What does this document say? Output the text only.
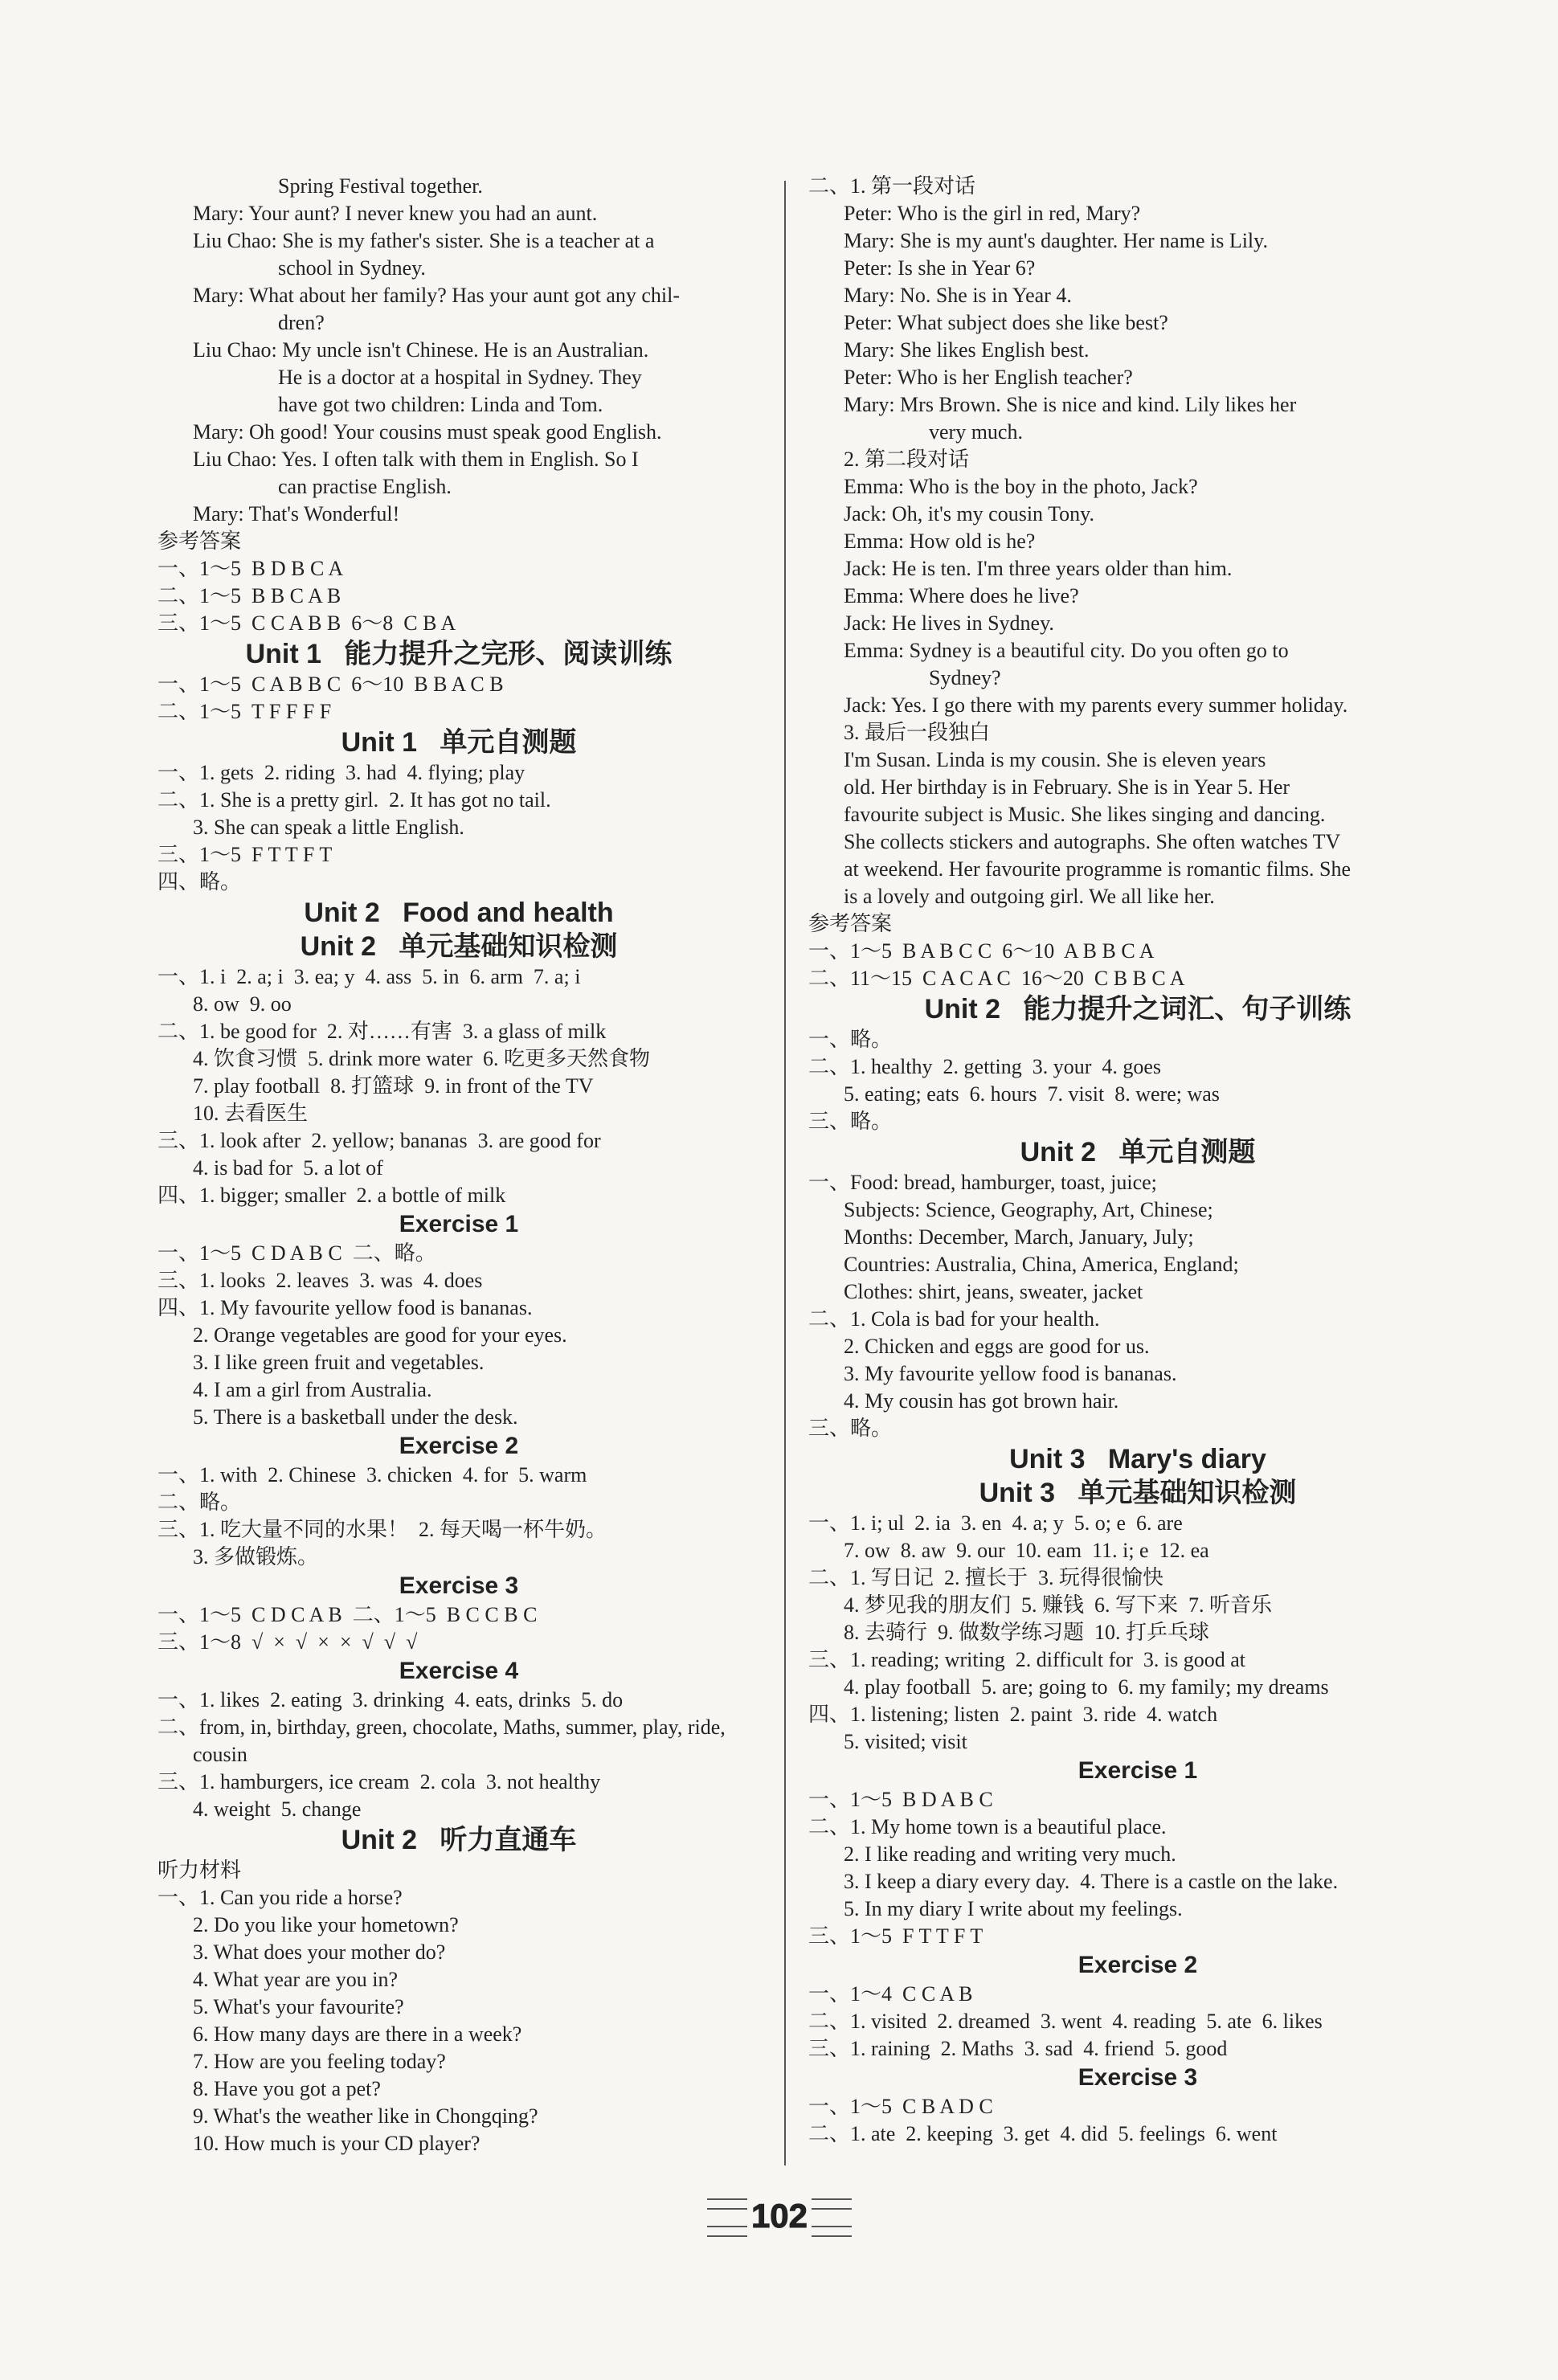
Spring Festival together.
Mary: Your aunt? I never knew you had an aunt.
Liu Chao: She is my father's sister. She is a teacher at a
school in Sydney.
Mary: What about her family? Has your aunt got any chil-
dren?
Liu Chao: My uncle isn't Chinese. He is an Australian.
He is a doctor at a hospital in Sydney. They
have got two children: Linda and Tom.
Mary: Oh good! Your cousins must speak good English.
Liu Chao: Yes. I often talk with them in English. So I
can practise English.
Mary: That's Wonderful!
参考答案
一、1～5  B D B C A
二、1～5  B B C A B
三、1～5  C C A B B  6～8  C B A
Unit 1   能力提升之完形、阅读训练
一、1～5  C A B B C  6～10  B B A C B
二、1～5  T F F F F
Unit 1   单元自测题
一、1. gets  2. riding  3. had  4. flying; play
二、1. She is a pretty girl.  2. It has got no tail.
3. She can speak a little English.
三、1～5  F T T F T
四、略。
Unit 2   Food and health
Unit 2   单元基础知识检测
一、1. i  2. a; i  3. ea; y  4. ass  5. in  6. arm  7. a; i
8. ow  9. oo
二、1. be good for  2. 对……有害  3. a glass of milk
4. 饮食习惯  5. drink more water  6. 吃更多天然食物
7. play football  8. 打篮球  9. in front of the TV
10. 去看医生
三、1. look after  2. yellow; bananas  3. are good for
4. is bad for  5. a lot of
四、1. bigger; smaller  2. a bottle of milk
Exercise 1
一、1～5  C D A B C  二、略。
三、1. looks  2. leaves  3. was  4. does
四、1. My favourite yellow food is bananas.
2. Orange vegetables are good for your eyes.
3. I like green fruit and vegetables.
4. I am a girl from Australia.
5. There is a basketball under the desk.
Exercise 2
一、1. with  2. Chinese  3. chicken  4. for  5. warm
二、略。
三、1. 吃大量不同的水果！  2. 每天喝一杯牛奶。
3. 多做锻炼。
Exercise 3
一、1～5  C D C A B  二、1～5  B C C B C
三、1～8  √  ×  √  ×  ×  √  √  √
Exercise 4
一、1. likes  2. eating  3. drinking  4. eats, drinks  5. do
二、from, in, birthday, green, chocolate, Maths, summer, play, ride,
cousin
三、1. hamburgers, ice cream  2. cola  3. not healthy
4. weight  5. change
Unit 2   听力直通车
听力材料
一、1. Can you ride a horse?
2. Do you like your hometown?
3. What does your mother do?
4. What year are you in?
5. What's your favourite?
6. How many days are there in a week?
7. How are you feeling today?
8. Have you got a pet?
9. What's the weather like in Chongqing?
10. How much is your CD player?
二、1. 第一段对话
Peter: Who is the girl in red, Mary?
Mary: She is my aunt's daughter. Her name is Lily.
Peter: Is she in Year 6?
Mary: No. She is in Year 4.
Peter: What subject does she like best?
Mary: She likes English best.
Peter: Who is her English teacher?
Mary: Mrs Brown. She is nice and kind. Lily likes her
very much.
2. 第二段对话
Emma: Who is the boy in the photo, Jack?
Jack: Oh, it's my cousin Tony.
Emma: How old is he?
Jack: He is ten. I'm three years older than him.
Emma: Where does he live?
Jack: He lives in Sydney.
Emma: Sydney is a beautiful city. Do you often go to
Sydney?
Jack: Yes. I go there with my parents every summer holiday.
3. 最后一段独白
I'm Susan. Linda is my cousin. She is eleven years
old. Her birthday is in February. She is in Year 5. Her
favourite subject is Music. She likes singing and dancing.
She collects stickers and autographs. She often watches TV
at weekend. Her favourite programme is romantic films. She
is a lovely and outgoing girl. We all like her.
参考答案
一、1～5  B A B C C  6～10  A B B C A
二、11～15  C A C A C  16～20  C B B C A
Unit 2   能力提升之词汇、句子训练
一、略。
二、1. healthy  2. getting  3. your  4. goes
5. eating; eats  6. hours  7. visit  8. were; was
三、略。
Unit 2   单元自测题
一、Food: bread, hamburger, toast, juice;
Subjects: Science, Geography, Art, Chinese;
Months: December, March, January, July;
Countries: Australia, China, America, England;
Clothes: shirt, jeans, sweater, jacket
二、1. Cola is bad for your health.
2. Chicken and eggs are good for us.
3. My favourite yellow food is bananas.
4. My cousin has got brown hair.
三、略。
Unit 3   Mary's diary
Unit 3   单元基础知识检测
一、1. i; ul  2. ia  3. en  4. a; y  5. o; e  6. are
7. ow  8. aw  9. our  10. eam  11. i; e  12. ea
二、1. 写日记  2. 擅长于  3. 玩得很愉快
4. 梦见我的朋友们  5. 赚钱  6. 写下来  7. 听音乐
8. 去骑行  9. 做数学练习题  10. 打乒乓球
三、1. reading; writing  2. difficult for  3. is good at
4. play football  5. are; going to  6. my family; my dreams
四、1. listening; listen  2. paint  3. ride  4. watch
5. visited; visit
Exercise 1
一、1～5  B D A B C
二、1. My home town is a beautiful place.
2. I like reading and writing very much.
3. I keep a diary every day.  4. There is a castle on the lake.
5. In my diary I write about my feelings.
三、1～5  F T T F T
Exercise 2
一、1～4  C C A B
二、1. visited  2. dreamed  3. went  4. reading  5. ate  6. likes
三、1. raining  2. Maths  3. sad  4. friend  5. good
Exercise 3
一、1～5  C B A D C
二、1. ate  2. keeping  3. get  4. did  5. feelings  6. went
102
